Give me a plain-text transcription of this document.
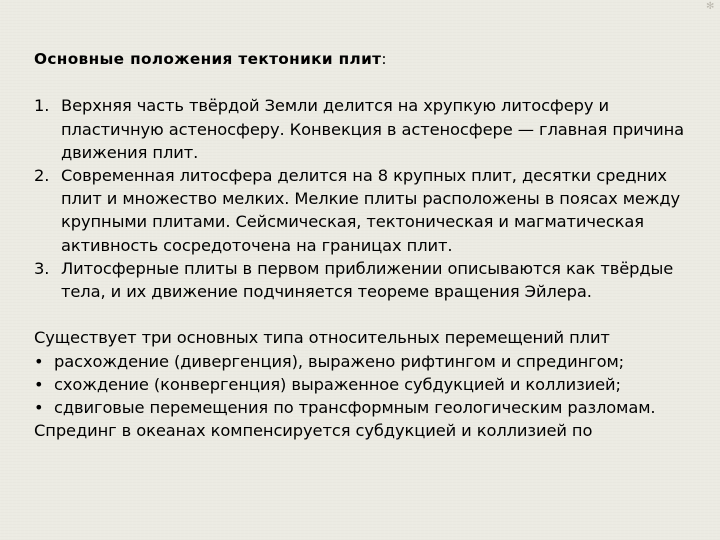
✻

Основные положения тектоники плит:

1. Верхняя часть твёрдой Земли делится на хрупкую литосферу и пластичную астеносферу. Конвекция в астеносфере — главная причина движения плит.
2. Современная литосфера делится на 8 крупных плит, десятки средних плит и множество мелких. Мелкие плиты расположены в поясах между крупными плитами. Сейсмическая, тектоническая и магматическая активность сосредоточена на границах плит.
3. Литосферные плиты в первом приближении описываются как твёрдые тела, и их движение подчиняется теореме вращения Эйлера.

Существует три основных типа относительных перемещений плит

• расхождение (дивергенция), выражено рифтингом и спредингом;
• схождение (конвергенция) выраженное субдукцией и коллизией;
• сдвиговые перемещения по трансформным геологическим разломам.

Спрединг в океанах компенсируется субдукцией и коллизией по
